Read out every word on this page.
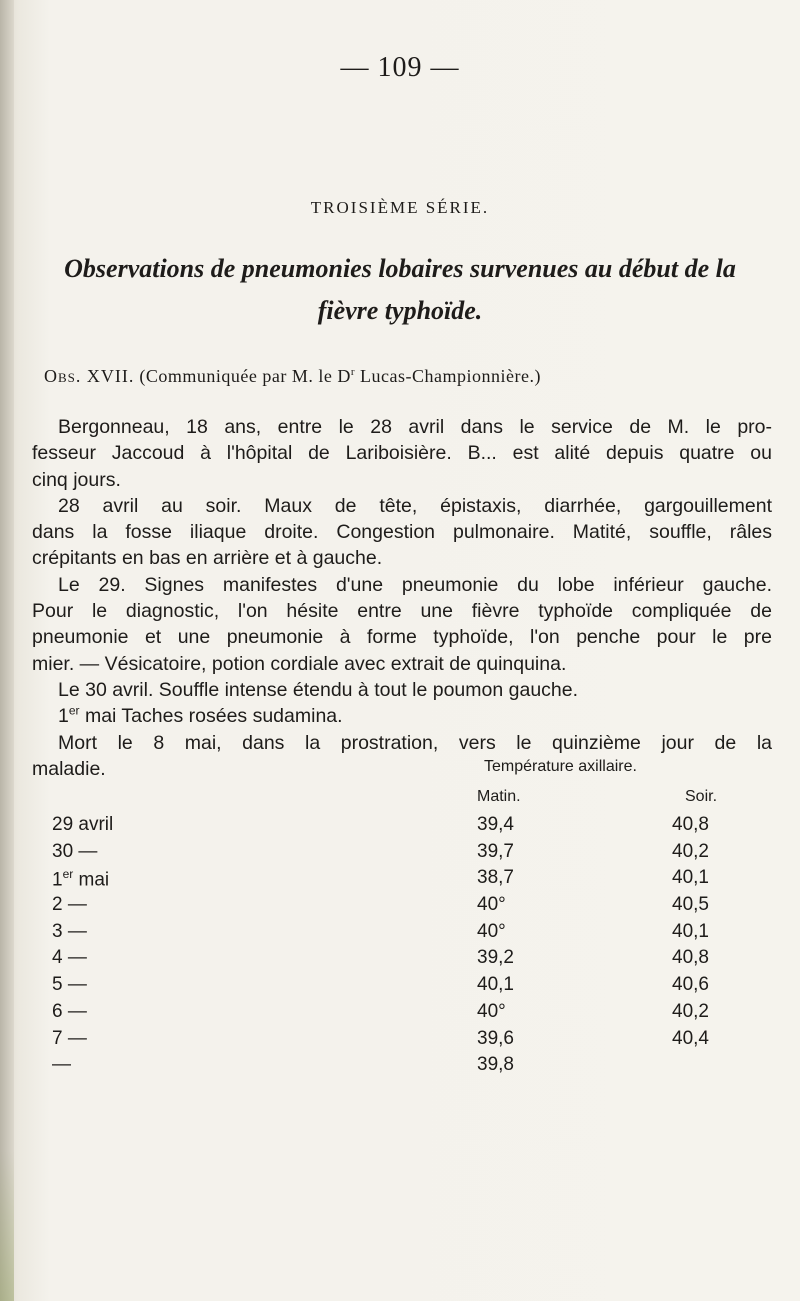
— 109 —
TROISIÈME SÉRIE.
Observations de pneumonies lobaires survenues au début de la
fièvre typhoïde.
Obs. XVII. (Communiquée par M. le $D^r$ Lucas-Championnière.)
Bergonneau, 18 ans, entre le 28 avril dans le service de M. le pro-
fesseur Jaccoud à l'hôpital de Lariboisière. B... est alité depuis quatre ou
cinq jours.
28 avril au soir. Maux de tête, épistaxis, diarrhée, gargouillement
dans la fosse iliaque droite. Congestion pulmonaire. Matité, souffle, râles
crépitants en bas en arrière et à gauche.
Le 29. Signes manifestes d'une pneumonie du lobe inférieur gauche.
Pour le diagnostic, l'on hésite entre une fièvre typhoïde compliquée de
pneumonie et une pneumonie à forme typhoïde, l'on penche pour le pre
mier. — Vésicatoire, potion cordiale avec extrait de quinquina.
Le 30 avril. Souffle intense étendu à tout le poumon gauche.
1er mai Taches rosées sudamina.
Mort le 8 mai, dans la prostration, vers le quinzième jour de la
maladie.	Température axillaire.
Matin.	Soir.
29 avril	39,4	40,8
30 —	39,7	40,2
1er mai	38,7	40,1
2 —	40°	40,5
3 —	40°	40,1
4 —	39,2	40,8
5 —	40,1	40,6
6 —	40°	40,2
7 —	39,6	40,4
—	39,8
